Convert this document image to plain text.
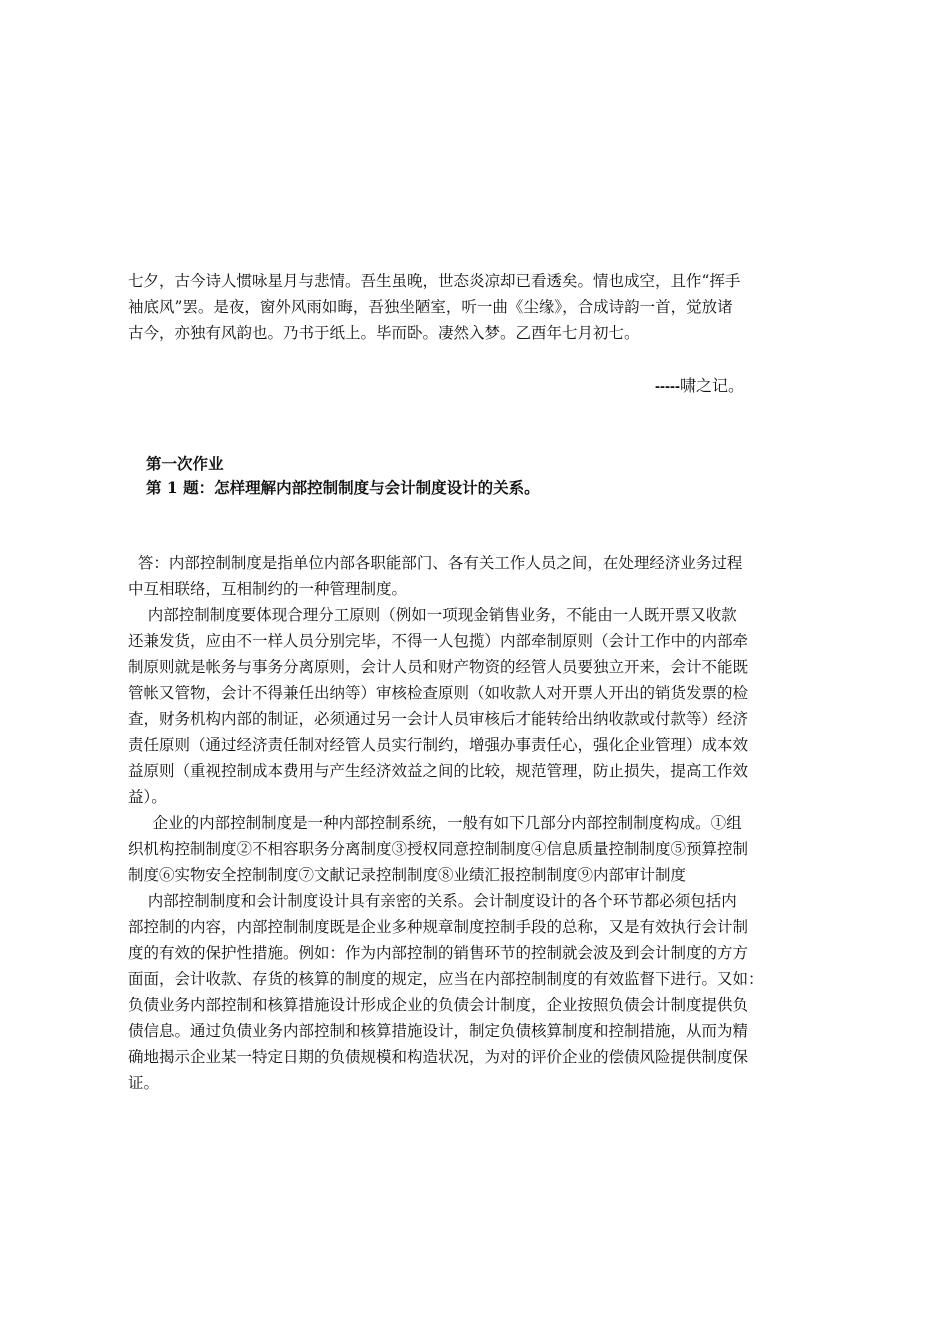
七夕，古今诗人惯咏星月与悲情。吾生虽晚，世态炎凉却已看透矣。情也成空，且作“挥手
袖底风”罢。是夜，窗外风雨如晦，吾独坐陋室，听一曲《尘缘》，合成诗韵一首，觉放诸
古今，亦独有风韵也。乃书于纸上。毕而卧。凄然入梦。乙酉年七月初七。
-----啸之记。
第一次作业
第 1 题：怎样理解内部控制制度与会计制度设计的关系。
答：内部控制制度是指单位内部各职能部门、各有关工作人员之间，在处理经济业务过程
中互相联络，互相制约的一种管理制度。
内部控制制度要体现合理分工原则（例如一项现金销售业务，不能由一人既开票又收款
还兼发货，应由不一样人员分别完毕，不得一人包揽）内部牵制原则（会计工作中的内部牵
制原则就是帐务与事务分离原则，会计人员和财产物资的经管人员要独立开来，会计不能既
管帐又管物，会计不得兼任出纳等）审核检查原则（如收款人对开票人开出的销货发票的检
查，财务机构内部的制证，必须通过另一会计人员审核后才能转给出纳收款或付款等）经济
责任原则（通过经济责任制对经管人员实行制约，增强办事责任心，强化企业管理）成本效
益原则（重视控制成本费用与产生经济效益之间的比较，规范管理，防止损失，提高工作效
益）。
企业的内部控制制度是一种内部控制系统，一般有如下几部分内部控制制度构成。①组
织机构控制制度②不相容职务分离制度③授权同意控制制度④信息质量控制制度⑤预算控制
制度⑥实物安全控制制度⑦文献记录控制制度⑧业绩汇报控制制度⑨内部审计制度
内部控制制度和会计制度设计具有亲密的关系。会计制度设计的各个环节都必须包括内
部控制的内容，内部控制制度既是企业多种规章制度控制手段的总称，又是有效执行会计制
度的有效的保护性措施。例如：作为内部控制的销售环节的控制就会波及到会计制度的方方
面面，会计收款、存货的核算的制度的规定，应当在内部控制制度的有效监督下进行。又如：
负债业务内部控制和核算措施设计形成企业的负债会计制度，企业按照负债会计制度提供负
债信息。通过负债业务内部控制和核算措施设计，制定负债核算制度和控制措施，从而为精
确地揭示企业某一特定日期的负债规模和构造状况，为对的评价企业的偿债风险提供制度保
证。
